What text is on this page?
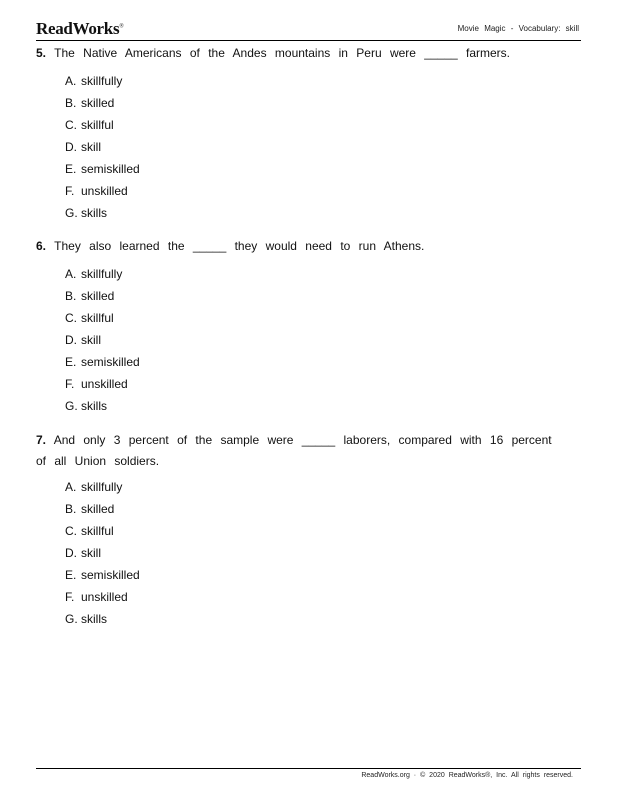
ReadWorks®	Movie Magic - Vocabulary: skill
5. The Native Americans of the Andes mountains in Peru were _____ farmers.
A. skillfully
B. skilled
C. skillful
D. skill
E. semiskilled
F. unskilled
G. skills
6. They also learned the _____ they would need to run Athens.
A. skillfully
B. skilled
C. skillful
D. skill
E. semiskilled
F. unskilled
G. skills
7. And only 3 percent of the sample were _____ laborers, compared with 16 percent of all Union soldiers.
A. skillfully
B. skilled
C. skillful
D. skill
E. semiskilled
F. unskilled
G. skills
ReadWorks.org · © 2020 ReadWorks®, Inc. All rights reserved.
